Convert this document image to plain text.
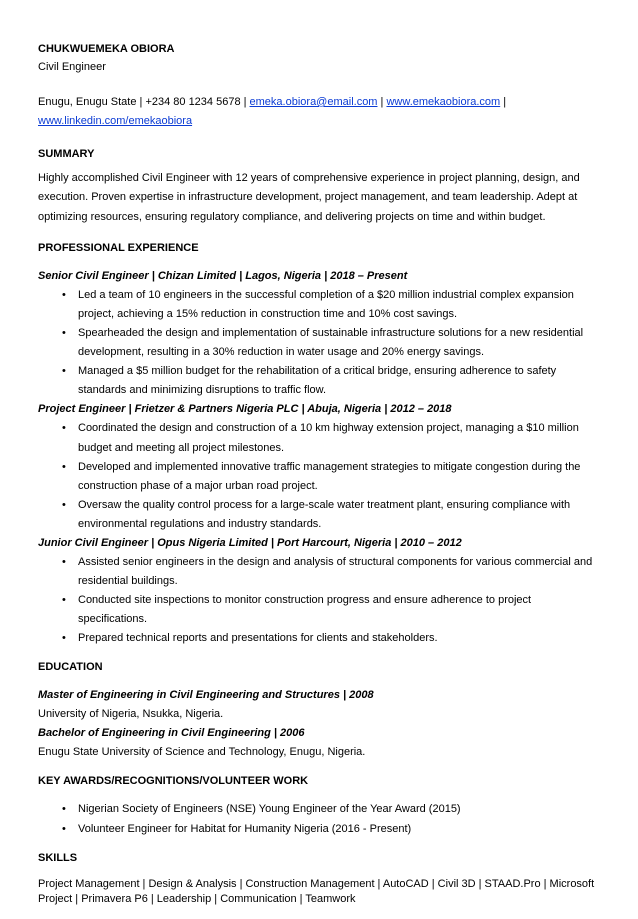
CHUKWUEMEKA OBIORA
Civil Engineer
Enugu, Enugu State | +234 80 1234 5678 | emeka.obiora@email.com | www.emekaobiora.com |
www.linkedin.com/emekaobiora
SUMMARY
Highly accomplished Civil Engineer with 12 years of comprehensive experience in project planning, design, and execution. Proven expertise in infrastructure development, project management, and team leadership. Adept at optimizing resources, ensuring regulatory compliance, and delivering projects on time and within budget.
PROFESSIONAL EXPERIENCE
Senior Civil Engineer | Chizan Limited | Lagos, Nigeria | 2018 – Present
• Led a team of 10 engineers in the successful completion of a $20 million industrial complex expansion project, achieving a 15% reduction in construction time and 10% cost savings.
• Spearheaded the design and implementation of sustainable infrastructure solutions for a new residential development, resulting in a 30% reduction in water usage and 20% energy savings.
• Managed a $5 million budget for the rehabilitation of a critical bridge, ensuring adherence to safety standards and minimizing disruptions to traffic flow.
Project Engineer | Frietzer & Partners Nigeria PLC | Abuja, Nigeria | 2012 – 2018
• Coordinated the design and construction of a 10 km highway extension project, managing a $10 million budget and meeting all project milestones.
• Developed and implemented innovative traffic management strategies to mitigate congestion during the construction phase of a major urban road project.
• Oversaw the quality control process for a large-scale water treatment plant, ensuring compliance with environmental regulations and industry standards.
Junior Civil Engineer | Opus Nigeria Limited | Port Harcourt, Nigeria | 2010 – 2012
• Assisted senior engineers in the design and analysis of structural components for various commercial and residential buildings.
• Conducted site inspections to monitor construction progress and ensure adherence to project specifications.
• Prepared technical reports and presentations for clients and stakeholders.
EDUCATION
Master of Engineering in Civil Engineering and Structures | 2008
University of Nigeria, Nsukka, Nigeria.
Bachelor of Engineering in Civil Engineering | 2006
Enugu State University of Science and Technology, Enugu, Nigeria.
KEY AWARDS/RECOGNITIONS/VOLUNTEER WORK
• Nigerian Society of Engineers (NSE) Young Engineer of the Year Award (2015)
• Volunteer Engineer for Habitat for Humanity Nigeria (2016 - Present)
SKILLS
Project Management | Design & Analysis | Construction Management | AutoCAD | Civil 3D | STAAD.Pro | Microsoft Project | Primavera P6 | Leadership | Communication | Teamwork
